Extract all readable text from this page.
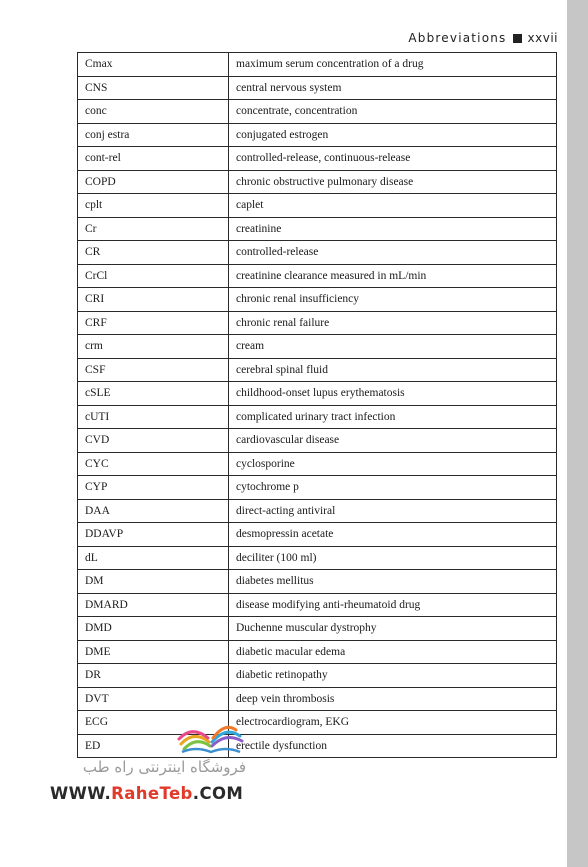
Abbreviations xxvii
Cmax	maximum serum concentration of a drug
CNS	central nervous system
conc	concentrate, concentration
conj estra	conjugated estrogen
cont-rel	controlled-release, continuous-release
COPD	chronic obstructive pulmonary disease
cplt	caplet
Cr	creatinine
CR	controlled-release
CrCl	creatinine clearance measured in mL/min
CRI	chronic renal insufficiency
CRF	chronic renal failure
crm	cream
CSF	cerebral spinal fluid
cSLE	childhood-onset lupus erythematosis
cUTI	complicated urinary tract infection
CVD	cardiovascular disease
CYC	cyclosporine
CYP	cytochrome p
DAA	direct-acting antiviral
DDAVP	desmopressin acetate
dL	deciliter (100 ml)
DM	diabetes mellitus
DMARD	disease modifying anti-rheumatoid drug
DMD	Duchenne muscular dystrophy
DME	diabetic macular edema
DR	diabetic retinopathy
DVT	deep vein thrombosis
ECG	electrocardiogram, EKG
ED	erectile dysfunction
فروشگاه اینترنتی راه طب
WWW.RaheTeb.COM
